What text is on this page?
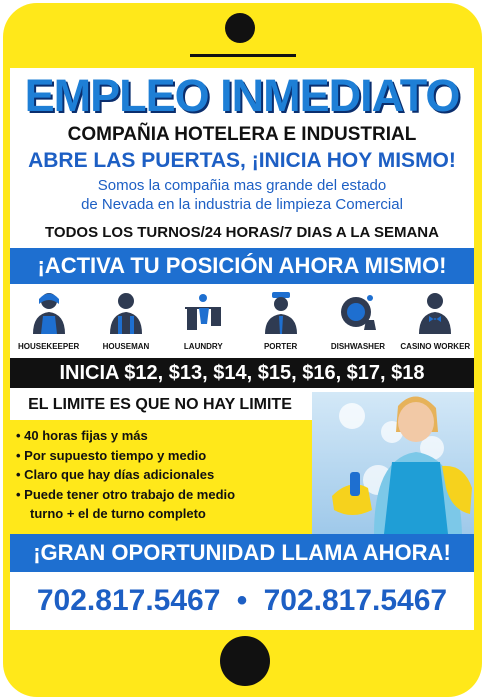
EMPLEO INMEDIATO
COMPAÑIA HOTELERA E INDUSTRIAL
ABRE LAS PUERTAS, ¡INICIA HOY MISMO!
Somos la compañia mas grande del estado
de Nevada en la industria de limpieza Comercial
TODOS LOS TURNOS/24 HORAS/7 DIAS A LA SEMANA
¡ACTIVA TU POSICIÓN AHORA MISMO!
HOUSEKEEPER	HOUSEMAN	LAUNDRY	PORTER	DISHWASHER CASINO WORKER
INICIA $12, $13, $14, $15, $16, $17, $18
EL LIMITE ES QUE NO HAY LIMITE
• 40 horas fijas y más
• Por supuesto tiempo y medio
• Claro que hay días adicionales
• Puede tener otro trabajo de medio
turno + el de turno completo
¡GRAN OPORTUNIDAD LLAMA AHORA!
702.817.5467 • 702.817.5467
